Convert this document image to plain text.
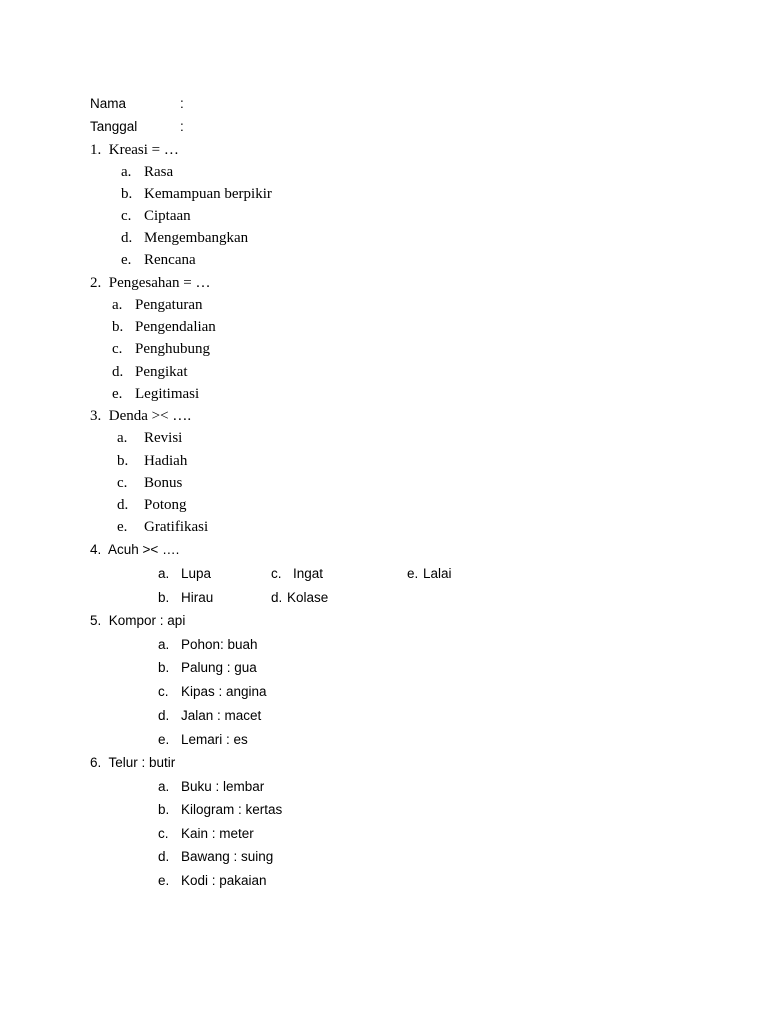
Nama	:
Tanggal	:
1. Kreasi = …
a. Rasa
b. Kemampuan berpikir
c. Ciptaan
d. Mengembangkan
e. Rencana
2. Pengesahan = …
a. Pengaturan
b. Pengendalian
c. Penghubung
d. Pengikat
e. Legitimasi
3. Denda >< ….
a. Revisi
b. Hadiah
c. Bonus
d. Potong
e. Gratifikasi
4. Acuh >< ….
a. Lupa	c. Ingat	e. Lalai
b. Hirau	d. Kolase
5. Kompor : api
a. Pohon: buah
b. Palung : gua
c. Kipas : angina
d. Jalan : macet
e. Lemari : es
6. Telur : butir
a. Buku : lembar
b. Kilogram : kertas
c. Kain : meter
d. Bawang : suing
e. Kodi : pakaian
